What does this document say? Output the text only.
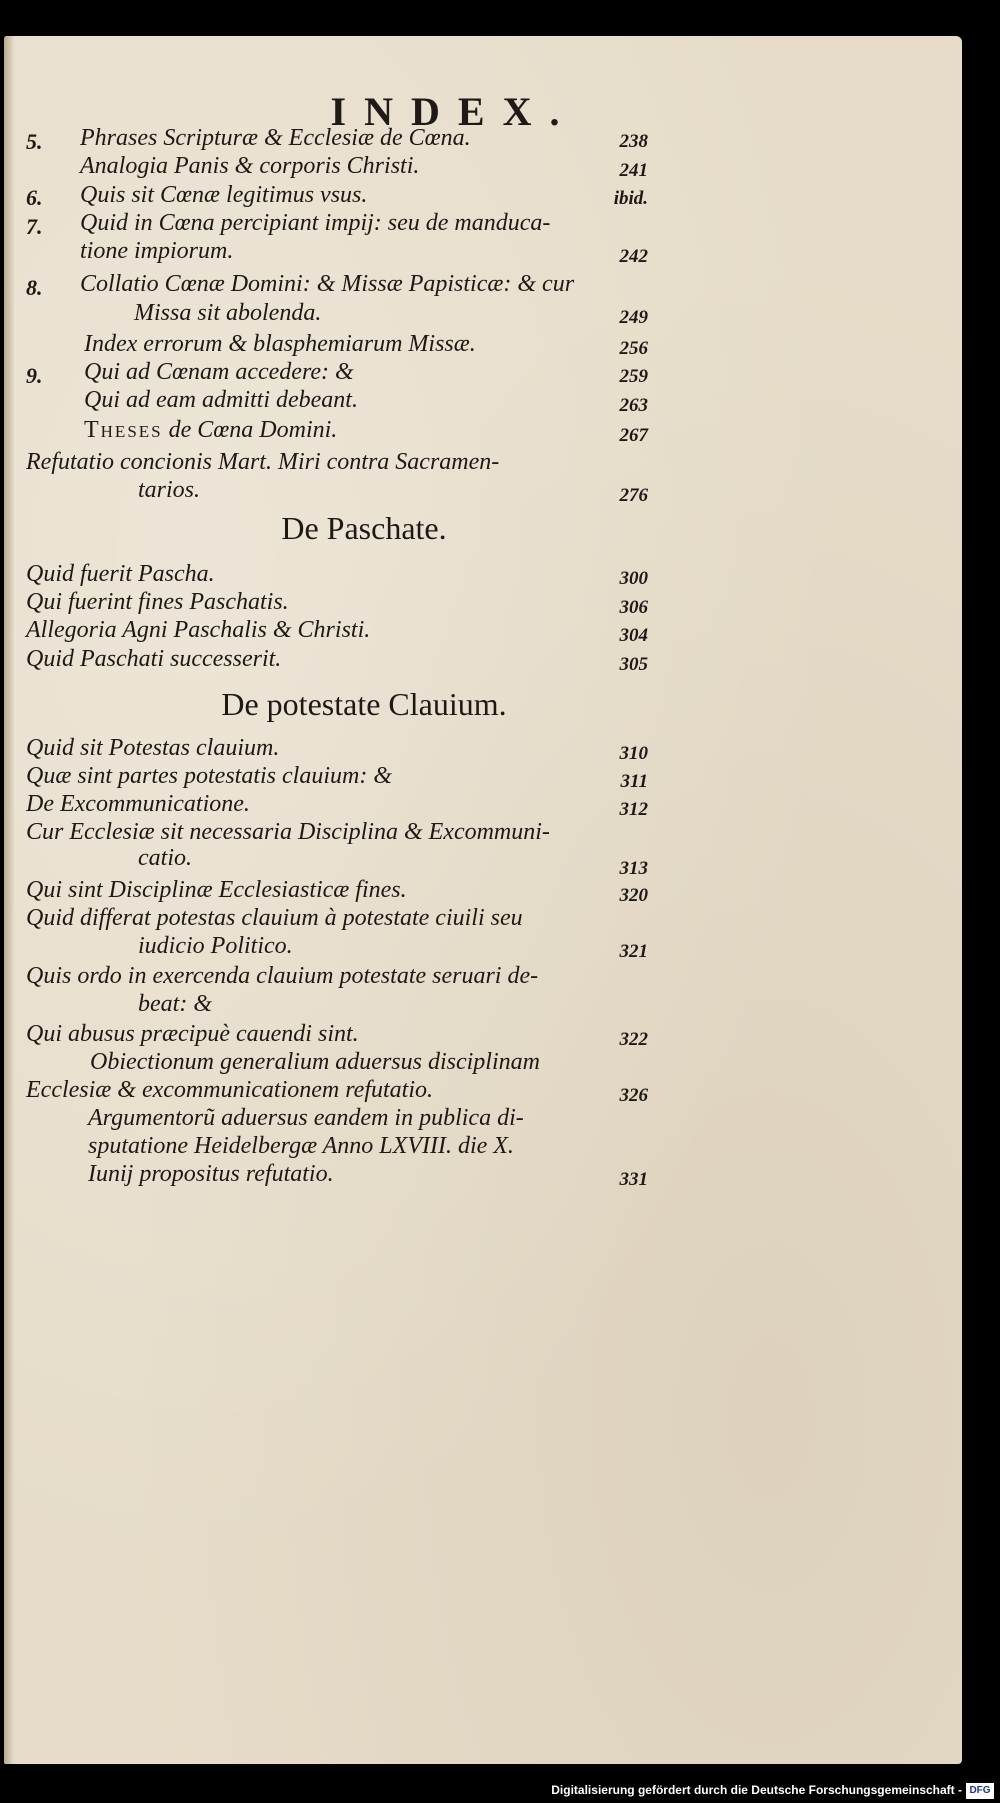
INDEX.
5. Phrases Scripturæ & Ecclesiæ de Cœna.	238
Analogia Panis & corporis Christi.	241
6. Quis sit Cœnæ legitimus vsus.	ibid.
7. Quid in Cœna percipiant impij: seu de manduca-
tione impiorum.	242
8. Collatio Cœnæ Domini: & Missæ Papisticæ: & cur
Missa sit abolenda.	249
Index errorum & blasphemiarum Missæ.	256
9. Qui ad Cœnam accedere: &	259
Qui ad eam admitti debeant.	263
Theses de Cœna Domini.	267
Refutatio concionis Mart. Miri contra Sacramen-
tarios.	276
De Paschate.
Quid fuerit Pascha.	300
Qui fuerint fines Paschatis.	306
Allegoria Agni Paschalis & Christi.	304
Quid Paschati successerit.	305
De potestate Clauium.
Quid sit Potestas clauium.	310
Quæ sint partes potestatis clauium: &	311
De Excommunicatione.	312
Cur Ecclesiæ sit necessaria Disciplina & Excommuni-
catio.	313
Qui sint Disciplinæ Ecclesiasticæ fines.	320
Quid differat potestas clauium à potestate ciuili seu
iudicio Politico.	321
Quis ordo in exercenda clauium potestate seruari de-
beat: &
Qui abusus præcipuè cauendi sint.	322
Obiectionum generalium aduersus disciplinam
Ecclesiæ & excommunicationem refutatio.	326
Argumentorũ aduersus eandem in publica di-
sputatione Heidelbergæ Anno LXVIII. die X.
Iunij propositus refutatio.	331
Digitalisierung gefördert durch die Deutsche Forschungsgemeinschaft - DFG
